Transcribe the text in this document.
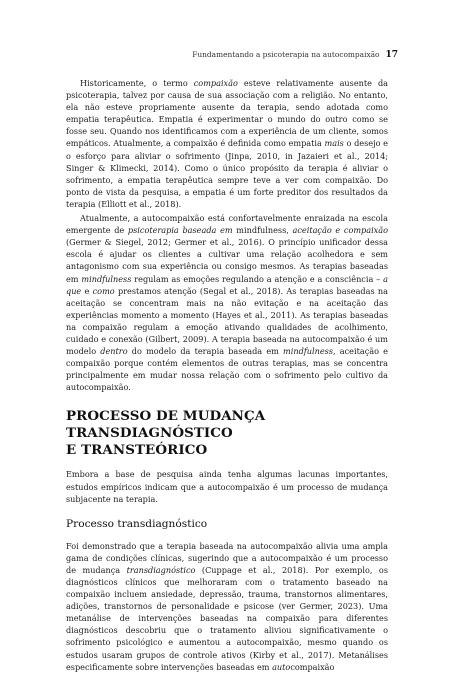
Fundamentando a psicoterapia na autocompaixão 17

Historicamente, o termo compaixão esteve relativamente ausente da psicoterapia, talvez por causa de sua associação com a religião. No entanto, ela não esteve propriamente ausente da terapia, sendo adotada como empatia terapêutica. Empatia é experimentar o mundo do outro como se fosse seu. Quando nos identificamos com a experiência de um cliente, somos empáticos. Atualmente, a compaixão é definida como empatia mais o desejo e o esforço para aliviar o sofrimento (Jinpa, 2010, in Jazaieri et al., 2014; Singer & Klimecki, 2014). Como o único propósito da terapia é aliviar o sofrimento, a empatia terapêutica sempre teve a ver com compaixão. Do ponto de vista da pesquisa, a empatia é um forte preditor dos resultados da terapia (Elliott et al., 2018).

Atualmente, a autocompaixão está confortavelmente enraizada na escola emergente de psicoterapia baseada em mindfulness, aceitação e compaixão (Germer & Siegel, 2012; Germer et al., 2016). O princípio unificador dessa escola é ajudar os clientes a cultivar uma relação acolhedora e sem antagonismo com sua experiência ou consigo mesmos. As terapias baseadas em mindfulness regulam as emoções regulando a atenção e a consciência – a que e como prestamos atenção (Segal et al., 2018). As terapias baseadas na aceitação se concentram mais na não evitação e na aceitação das experiências momento a momento (Hayes et al., 2011). As terapias baseadas na compaixão regulam a emoção ativando qualidades de acolhimento, cuidado e conexão (Gilbert, 2009). A terapia baseada na autocompaixão é um modelo dentro do modelo da terapia baseada em mindfulness, aceitação e compaixão porque contém elementos de outras terapias, mas se concentra principalmente em mudar nossa relação com o sofrimento pelo cultivo da autocompaixão.

PROCESSO DE MUDANÇA TRANSDIAGNÓSTICO
E TRANSTEÓRICO

Embora a base de pesquisa ainda tenha algumas lacunas importantes, estudos empíricos indicam que a autocompaixão é um processo de mudança subjacente na terapia.

Processo transdiagnóstico

Foi demonstrado que a terapia baseada na autocompaixão alivia uma ampla gama de condições clínicas, sugerindo que a autocompaixão é um processo de mudança transdiagnóstico (Cuppage et al., 2018). Por exemplo, os diagnósticos clínicos que melhoraram com o tratamento baseado na compaixão incluem ansiedade, depressão, trauma, transtornos alimentares, adições, transtornos de personalidade e psicose (ver Germer, 2023). Uma metanálise de intervenções baseadas na compaixão para diferentes diagnósticos descobriu que o tratamento aliviou significativamente o sofrimento psicológico e aumentou a autocompaixão, mesmo quando os estudos usaram grupos de controle ativos (Kirby et al., 2017). Metanálises especificamente sobre intervenções baseadas em autocompaixão
